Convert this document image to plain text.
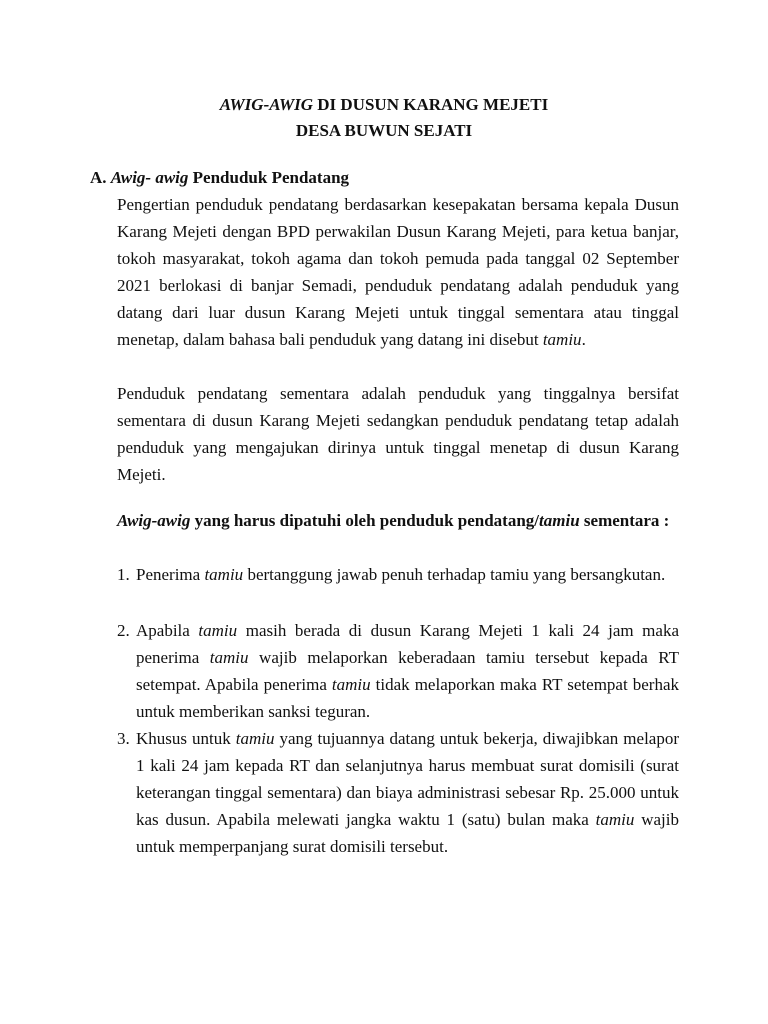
AWIG-AWIG DI DUSUN KARANG MEJETI
DESA BUWUN SEJATI
A. Awig- awig Penduduk Pendatang
Pengertian penduduk pendatang berdasarkan kesepakatan bersama kepala Dusun Karang Mejeti dengan BPD perwakilan Dusun Karang Mejeti, para ketua banjar, tokoh masyarakat, tokoh agama dan tokoh pemuda pada tanggal 02 September 2021 berlokasi di banjar Semadi, penduduk pendatang adalah penduduk yang datang dari luar dusun Karang Mejeti untuk tinggal sementara atau tinggal menetap, dalam bahasa bali penduduk yang datang ini disebut tamiu.
Penduduk pendatang sementara adalah penduduk yang tinggalnya bersifat sementara di dusun Karang Mejeti sedangkan penduduk pendatang tetap adalah penduduk yang mengajukan dirinya untuk tinggal menetap di dusun Karang Mejeti.
Awig-awig yang harus dipatuhi oleh penduduk pendatang/tamiu sementara :
1. Penerima tamiu bertanggung jawab penuh terhadap tamiu yang bersangkutan.
2. Apabila tamiu masih berada di dusun Karang Mejeti 1 kali 24 jam maka penerima tamiu wajib melaporkan keberadaan tamiu tersebut kepada RT setempat. Apabila penerima tamiu tidak melaporkan maka RT setempat berhak untuk memberikan sanksi teguran.
3. Khusus untuk tamiu yang tujuannya datang untuk bekerja, diwajibkan melapor 1 kali 24 jam kepada RT dan selanjutnya harus membuat surat domisili (surat keterangan tinggal sementara) dan biaya administrasi sebesar Rp. 25.000 untuk kas dusun. Apabila melewati jangka waktu 1 (satu) bulan maka tamiu wajib untuk memperpanjang surat domisili tersebut.
